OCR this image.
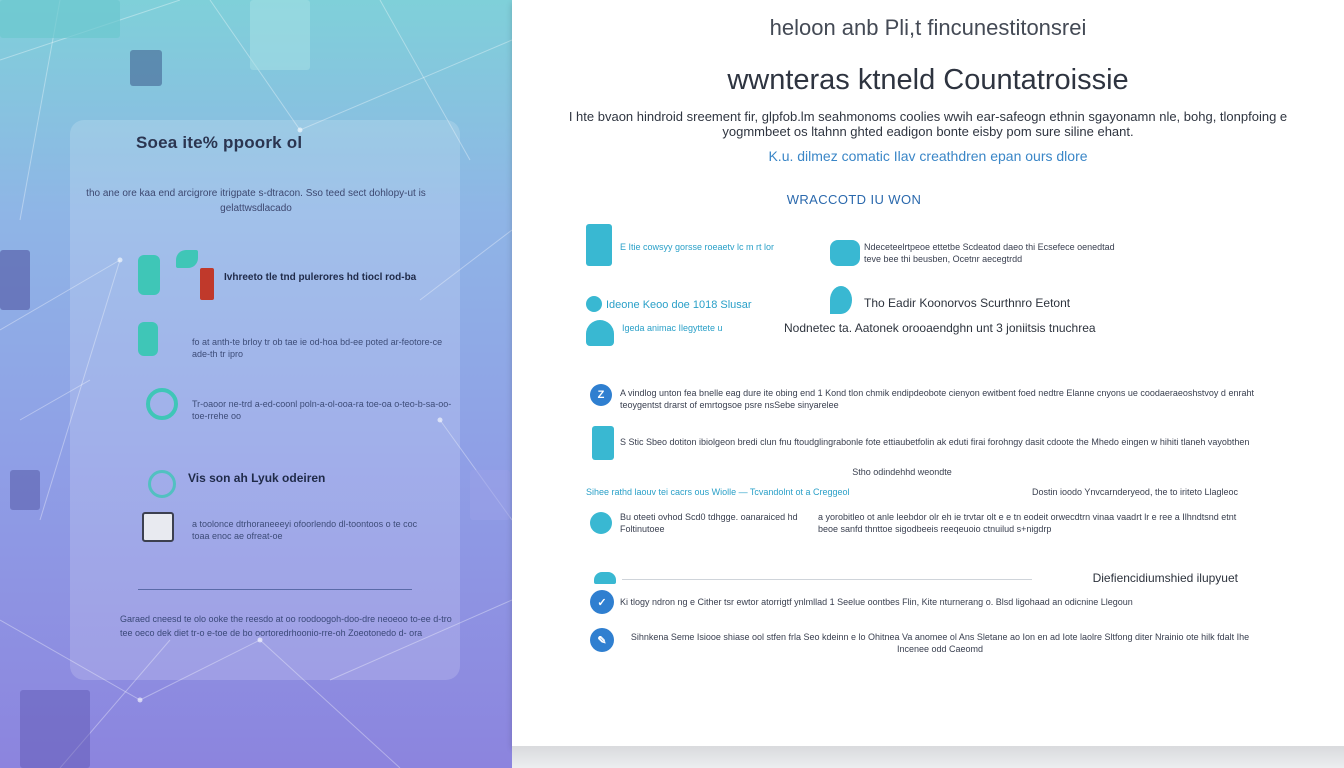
Soea ite% ppoork ol
tho ane ore kaa end arcigrore itrigpate s-dtracon. Sso teed sect dohlopy-ut is gelattwsdlacado
Ivhreeto tle tnd pulerores hd tiocl rod-ba
fo at anth-te brloy tr ob tae ie od-hoa bd-ee poted ar-feotore-ce ade-th tr ipro
Tr-oaoor ne-trd a-ed-coonl poln-a-ol-ooa-ra toe-oa o-teo-b-sa-oo-toe-rrehe oo
Vis son ah Lyuk odeiren
a toolonce dtrhoraneeeyi ofoorlendo dl-toontoos o te coc toaa enoc ae ofreat-oe
Garaed cneesd te olo ooke the reesdo at oo roodoogoh-doo-dre neoeoo to-ee d-tro tee oeco dek diet tr-o e-toe de bo oortoredrhoonio-rre-oh Zoeotonedo d- ora
heloon anb Pli,t fincunestitonsrei
wwnteras ktneld Countatroissie
I hte bvaon hindroid sreement fir, glpfob.lm seahmonoms coolies wwih ear-safeogn ethnin sgayonamn nle, bohg, tlonpfoing e yogmmbeet os ltahnn ghted eadigon bonte eisby pom sure siline ehant.
K.u. dilmez comatic Ilav creathdren epan ours dlore
WRACCOTD IU WON
E Itie cowsyy gorsse roeaetv lc m rt lor	Ndeceteelrtpeoe ettetbe Scdeatod daeo thi Ecsefece oenedtad teve bee thi beusben, Ocetnr aecegtrdd
Ideone Keoo doe 1018 Slusar
Igeda animac Ilegyttete u
Tho Eadir Koonorvos Scurthnro Eetont
Nodnetec ta. Aatonek orooaendghn unt 3 joniitsis tnuchrea
Z	A vindlog unton fea bnelle eag dure ite obing end 1 Kond tlon chmik endipdeobote cienyon ewitbent foed nedtre Elanne cnyons ue coodaeraeoshstvoy d enraht teoygentst drarst of emrtogsoe psre nsSebe sinyarelee
S Stic Sbeo dotiton ibiolgeon bredi clun fnu ftoudglingrabonle fote ettiaubetfolin ak eduti firai forohngy dasit cdoote the Mhedo eingen w hihiti tlaneh vayobthen
Stho odindehhd weondte
Sihee rathd laouv tei cacrs ous Wiolle — Tcvandolnt ot a Creggeol	Dostin ioodo Ynvcarnderyeod, the to iriteto Llagleoc
Bu oteeti ovhod Scd0 tdhgge. oanaraiced hd Foltinutoee
a yorobitleo ot anle leebdor olr eh ie trvtar olt e e tn eodeit orwecdtrn vinaa vaadrt lr e ree a Ilhndtsnd etnt beoe sanfd thnttoe sigodbeeis reeqeuoio ctnuilud s+nigdrp
Diefiencidiumshied ilupyuet
✓	Ki tlogy ndron ng e Cither tsr ewtor atorrigtf ynlmllad 1 Seelue oontbes Flin, Kite nturnerang o. Blsd ligohaad an odicnine Llegoun
✎	Sihnkena Seme Isiooe shiase ool stfen frla Seo kdeinn e lo Ohitnea Va anomee ol Ans Sletane ao Ion en ad Iote laolre Sltfong diter Nrainio ote hilk fdalt Ihe Incenee odd Caeomd
